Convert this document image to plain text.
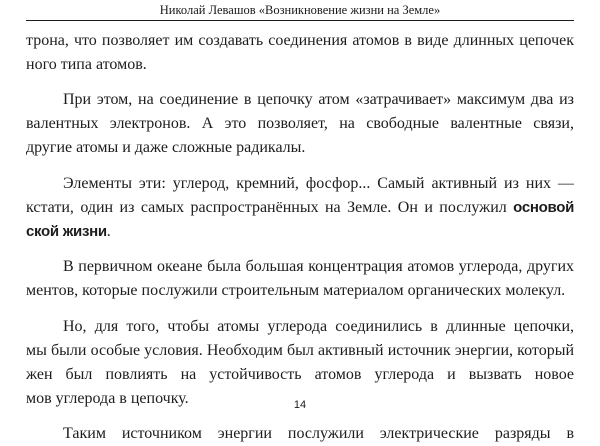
Николай Левашов «Возникновение жизни на Земле»

трона, что позволяет им создавать соединения атомов в виде длинных цепочек
ного типа атомов.

При этом, на соединение в цепочку атом «затрачивает» максимум два из
валентных электронов. А это позволяет, на свободные валентные связи,
другие атомы и даже сложные радикалы.

Элементы эти: углерод, кремний, фосфор... Самый активный из них —
кстати, один из самых распространённых на Земле. Он и послужил основой
ской жизни.

В первичном океане была большая концентрация атомов углерода, других
ментов, которые послужили строительным материалом органических молекул.

Но, для того, чтобы атомы углерода соединились в длинные цепочки,
мы были особые условия. Необходим был активный источник энергии, который
жен был повлиять на устойчивость атомов углерода и вызвать новое
мов углерода в цепочку.

Таким источником энергии послужили электрические разряды в

14
